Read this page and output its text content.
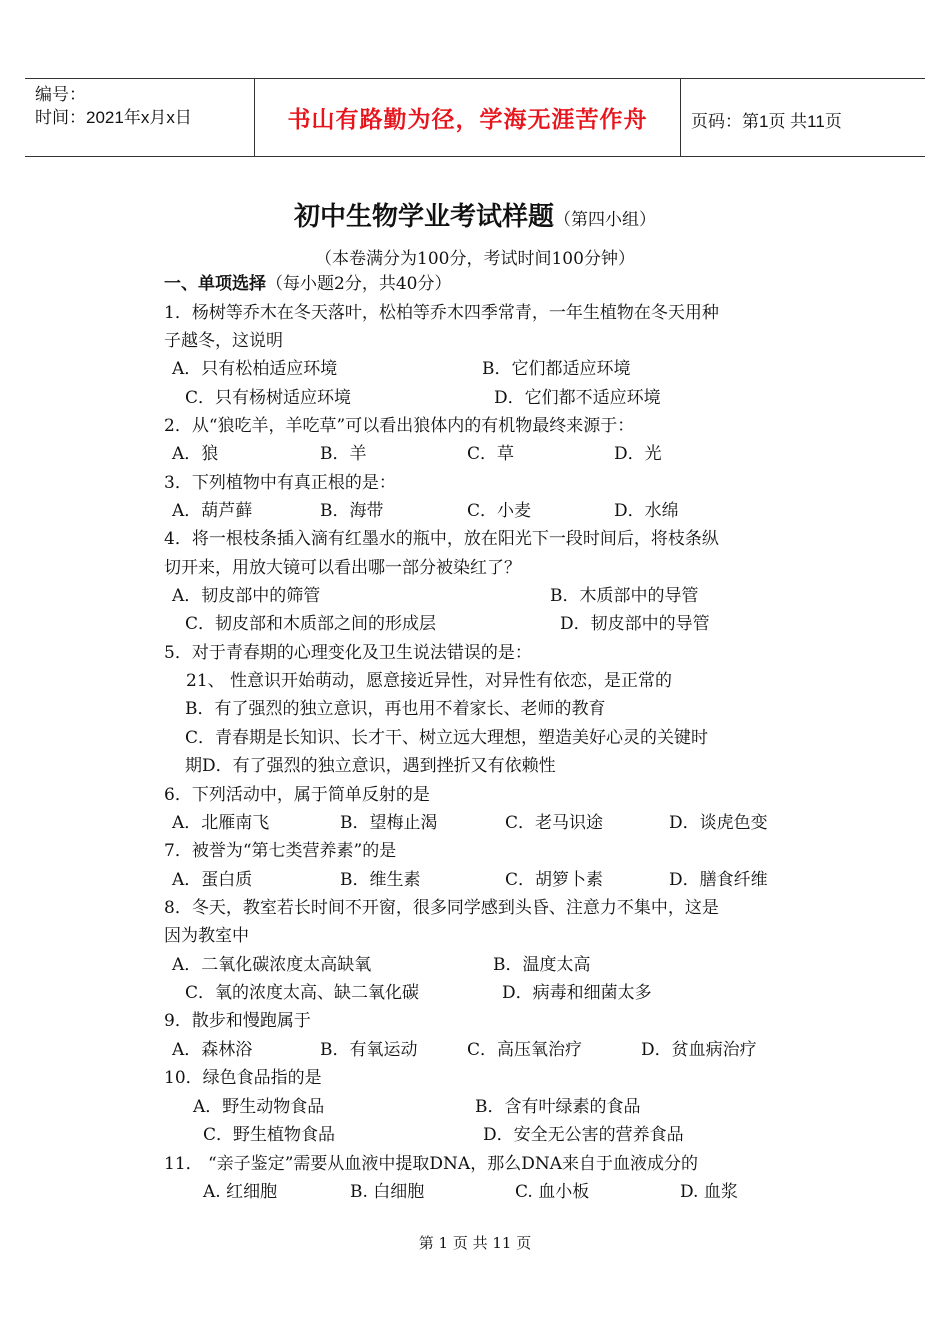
编号：
时间：2021年x月x日	书山有路勤为径，学海无涯苦作舟	页码：第1页 共11页
初中生物学业考试样题（第四小组）
（本卷满分为100分，考试时间100分钟）
一、单项选择（每小题2分，共40分）
1．杨树等乔木在冬天落叶，松柏等乔木四季常青，一年生植物在冬天用种
子越冬，这说明
A．只有松柏适应环境	B．它们都适应环境
C．只有杨树适应环境	D．它们都不适应环境
2．从“狼吃羊，羊吃草”可以看出狼体内的有机物最终来源于：
A．狼	B．羊	C．草	D．光
3．下列植物中有真正根的是：
A．葫芦藓	B．海带	C．小麦	D．水绵
4．将一根枝条插入滴有红墨水的瓶中，放在阳光下一段时间后，将枝条纵
切开来，用放大镜可以看出哪一部分被染红了？
A．韧皮部中的筛管	B．木质部中的导管
C．韧皮部和木质部之间的形成层	D．韧皮部中的导管
5．对于青春期的心理变化及卫生说法错误的是：
21、 性意识开始萌动，愿意接近异性，对异性有依恋，是正常的
B．有了强烈的独立意识，再也用不着家长、老师的教育
C．青春期是长知识、长才干、树立远大理想，塑造美好心灵的关键时
期D．有了强烈的独立意识，遇到挫折又有依赖性
6．下列活动中，属于简单反射的是
A．北雁南飞	B．望梅止渴	C．老马识途	D．谈虎色变
7．被誉为“第七类营养素”的是
A．蛋白质	B．维生素	C．胡箩卜素	D．膳食纤维
8．冬天，教室若长时间不开窗，很多同学感到头昏、注意力不集中，这是
因为教室中
A．二氧化碳浓度太高缺氧	B．温度太高
C．氧的浓度太高、缺二氧化碳	D．病毒和细菌太多
9．散步和慢跑属于
A．森林浴	B．有氧运动	C．高压氧治疗	D．贫血病治疗
10．绿色食品指的是
A．野生动物食品	B．含有叶绿素的食品
C．野生植物食品	D．安全无公害的营养食品
11． “亲子鉴定”需要从血液中提取DNA，那么DNA来自于血液成分的
A. 红细胞	B. 白细胞	C. 血小板	D. 血浆
第 1 页 共 11 页
